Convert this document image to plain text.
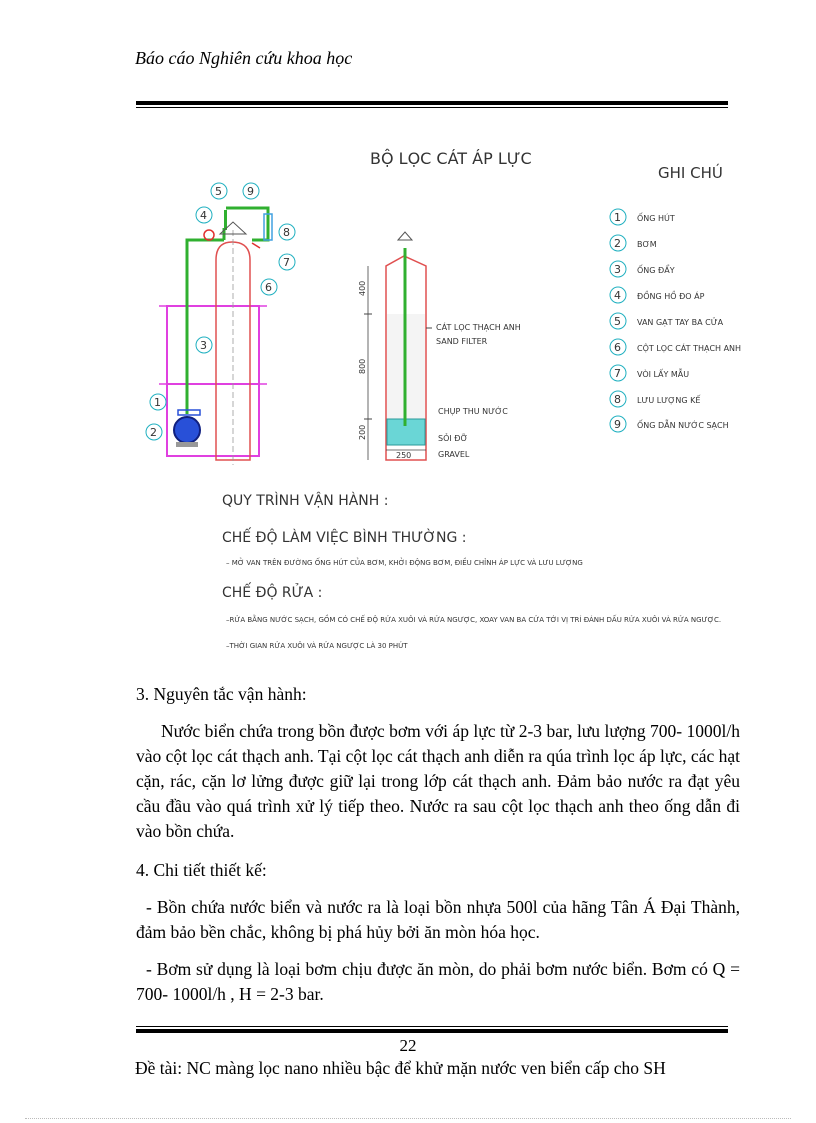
Báo cáo Nghiên cứu khoa học
BỘ LỌC CÁT ÁP LỰC
GHI CHÚ
1
2
3
4
5
6
7
8
9
400
800
200
250
CÁT LỌC THẠCH ANH
SAND FILTER
CHỤP THU NƯỚC
SỎI ĐỠ
GRAVEL
1 ỐNG HÚT
2 BƠM
3 ỐNG ĐẨY
4 ĐỒNG HỒ ĐO ÁP
5 VAN GẠT TAY BA CỬA
6 CỘT LỌC CÁT THẠCH ANH
7 VÒI LẤY MẪU
8 LƯU LƯỢNG KẾ
9 ỐNG DẪN NƯỚC SẠCH
QUY TRÌNH VẬN HÀNH :
CHẾ ĐỘ LÀM VIỆC BÌNH THƯỜNG :
– MỞ VAN TRÊN ĐƯỜNG ỐNG HÚT CỦA BƠM, KHỞI ĐỘNG BƠM, ĐIỀU CHỈNH ÁP LỰC VÀ LƯU LƯỢNG
CHẾ ĐỘ RỬA :
–RỬA BẰNG NƯỚC SẠCH, GỒM CÓ CHẾ ĐỘ RỬA XUÔI VÀ RỬA NGƯỢC, XOAY VAN BA CỬA TỚI VỊ TRÍ ĐÁNH DẤU RỬA XUÔI VÀ RỬA NGƯỢC.
–THỜI GIAN RỬA XUÔI VÀ RỬA NGƯỢC LÀ 30 PHÚT

3. Nguyên tắc vận hành:

Nước biển chứa trong bồn được bơm với áp lực từ 2-3 bar, lưu lượng 700- 1000l/h vào cột lọc cát thạch anh. Tại cột lọc cát thạch anh diễn ra qúa trình lọc áp lực, các hạt cặn, rác, cặn lơ lửng được giữ lại trong lớp cát thạch anh. Đảm bảo nước ra đạt yêu cầu đầu vào quá trình xử lý tiếp theo. Nước ra sau cột lọc thạch anh theo ống dẫn đi vào bồn chứa.

4. Chi tiết thiết kế:

- Bồn chứa nước biển và nước ra là loại bồn nhựa 500l của hãng Tân Á Đại Thành, đảm bảo bền chắc, không bị phá hủy bởi ăn mòn hóa học.

- Bơm sử dụng là loại bơm chịu được ăn mòn, do phải bơm nước biển. Bơm có Q = 700- 1000l/h , H = 2-3 bar.

22
Đề tài: NC màng lọc nano nhiều bậc để khử mặn nước ven biển cấp cho SH
